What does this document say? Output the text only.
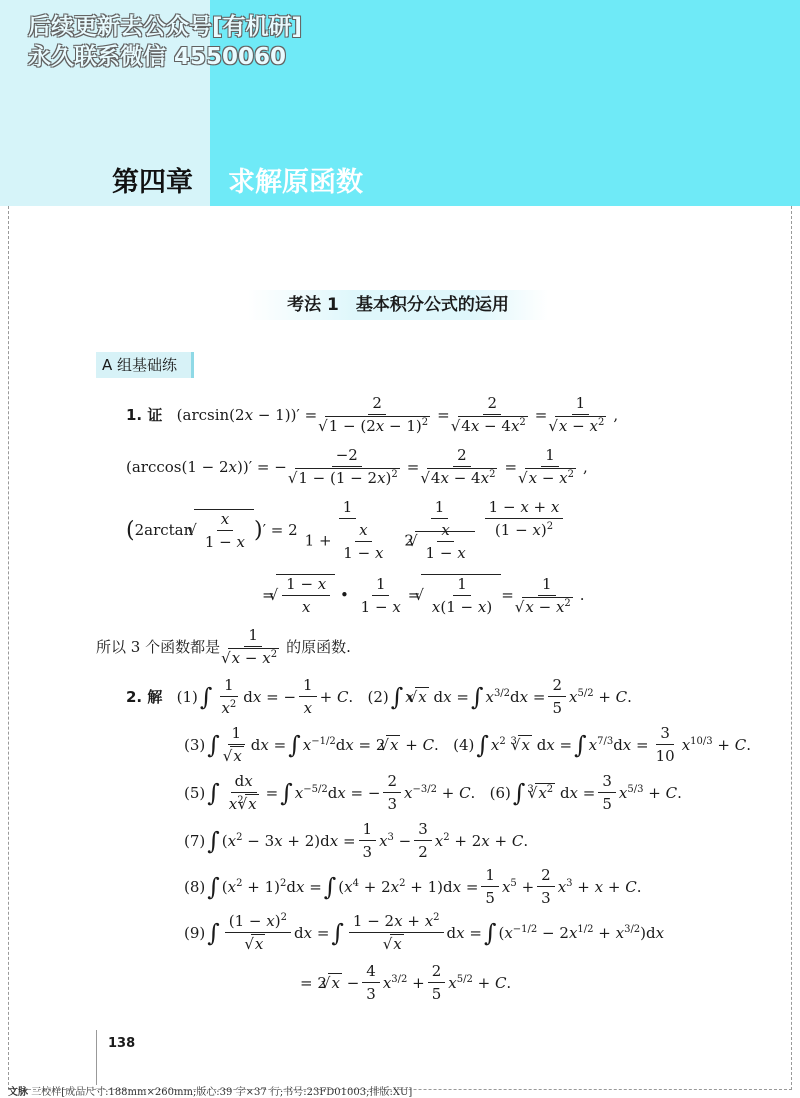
后续更新去公众号[有机研]
永久联系微信 4550060
第四章 求解原函数
考法 1　基本积分公式的运用
A 组基础练
1. 证 (arcsin(2x − 1))′ = 2
√ $1 - (2x - 1)^2 = 2$
√ $4x - 4x^2 = 1$
√ $x - x^2$ ,
(arccos(1 − 2x))′ = − −2
√ $1 - (1 - 2x)^2 = 2$
√ $4x - 4x^2 = 1$
√ $x - x^2$ ,
( 2arctan
√ $\frac{x}{1 - x}$ ) ′ = $2 \frac{1}{1 + \frac{x}{1 - x}} 1$
2
√ $\frac{x}{1 - x} \frac{1 - x + x}{(1 - x)^2}$
=
√ $\frac{1 - x}{x}$ • $\frac{1}{1 - x}$ =
√ $\frac{1}{x(1 - x)} = 1$
√ $x - x^2$ .
所以 3 个函数都是 1
√ $x - x^2$ 的原函数.
2. 解 (1) ∫ $\frac{1}{x^2}$ dx = − $\frac{1}{x} + C$.   (2) ∫ x√ x dx = ∫ $x^{3/2}dx = \frac{2}{5} x^{5/2} + C$.
(3) ∫ 1
√ x dx = ∫ $x^{-1/2}dx = 2√$ x + C.   (4) ∫ $x^2$ $^3$√ x dx = ∫ $x^{7/3}dx = \frac{3}{10} x^{10/3} + C$.
(5) ∫ $\frac{dx}{x^2√ x}$ = ∫ $x^{-5/2}dx$ = − $\frac{2}{3} x^{-3/2} + C$.   (6) ∫ $^3$√ $x^2$ dx = $\frac{3}{5} x^{5/3} + C$.
(7) ∫ $(x^2 - 3x + 2)dx = \frac{1}{3} x^3 - \frac{3}{2} x^2 + 2x + C$.
(8) ∫ $(x^2 + 1)^2dx$ = ∫ $(x^4 + 2x^2 + 1)dx = \frac{1}{5} x^5 + \frac{2}{3} x^3 + x + C$.
(9) ∫ $(1 - x)^2$
√ x dx = ∫ $1 - 2x + x^2$
√ x dx = ∫ $(x^{-1/2} - 2x^{1/2} + x^{3/2})dx$
= 2√ $x - \frac{4}{3} x^{3/2} + \frac{2}{5} x^{5/2} + C$.
138
文脉 三校样[成品尺寸:188mm×260mm;版心:39 字×37 行;书号:23FD01003;排版:XU]
